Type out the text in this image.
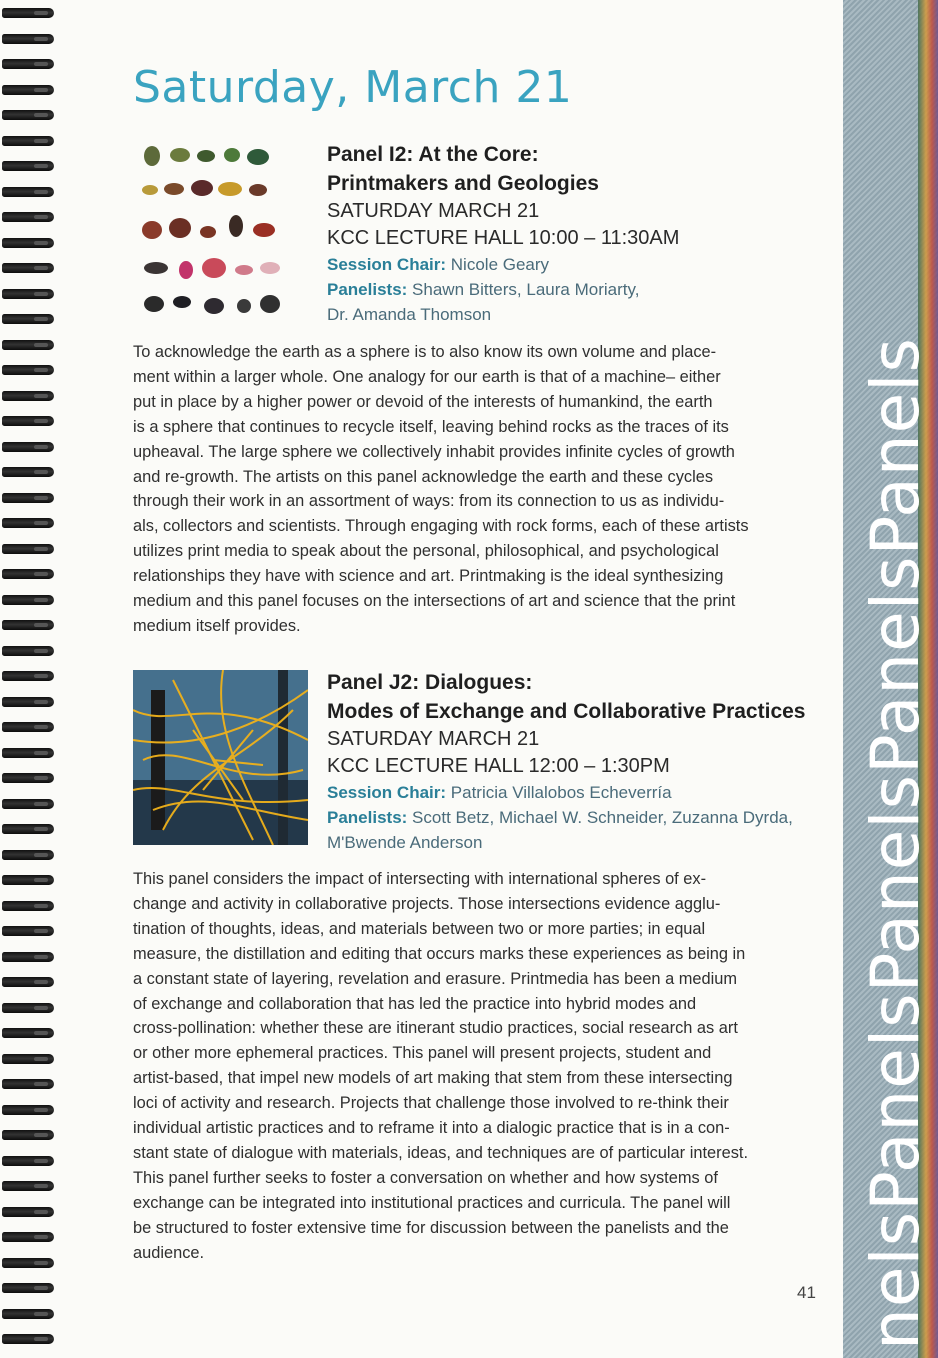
nelsPanelsPanelsPanelsPanels
Saturday, March 21
Panel I2: At the Core:
Printmakers and Geologies
SATURDAY MARCH 21
KCC LECTURE HALL 10:00 – 11:30AM
Session Chair: Nicole Geary
Panelists: Shawn Bitters, Laura Moriarty,
Dr. Amanda Thomson
To acknowledge the earth as a sphere is to also know its own volume and place-
ment within a larger whole. One analogy for our earth is that of a machine– either
put in place by a higher power or devoid of the interests of humankind, the earth
is a sphere that continues to recycle itself, leaving behind rocks as the traces of its
upheaval. The large sphere we collectively inhabit provides infinite cycles of growth
and re-growth. The artists on this panel acknowledge the earth and these cycles
through their work in an assortment of ways: from its connection to us as individu-
als, collectors and scientists. Through engaging with rock forms, each of these artists
utilizes print media to speak about the personal, philosophical, and psychological
relationships they have with science and art. Printmaking is the ideal synthesizing
medium and this panel focuses on the intersections of art and science that the print
medium itself provides.
Panel J2: Dialogues:
Modes of Exchange and Collaborative Practices
SATURDAY MARCH 21
KCC LECTURE HALL 12:00 – 1:30PM
Session Chair: Patricia Villalobos Echeverría
Panelists: Scott Betz, Michael W. Schneider, Zuzanna Dyrda,
M'Bwende Anderson
This panel considers the impact of intersecting with international spheres of ex-
change and activity in collaborative projects. Those intersections evidence agglu-
tination of thoughts, ideas, and materials between two or more parties; in equal
measure, the distillation and editing that occurs marks these experiences as being in
a constant state of layering, revelation and erasure. Printmedia has been a medium
of exchange and collaboration that has led the practice into hybrid modes and
cross-pollination: whether these are itinerant studio practices, social research as art
or other more ephemeral practices. This panel will present projects, student and
artist-based, that impel new models of art making that stem from these intersecting
loci of activity and research. Projects that challenge those involved to re-think their
individual artistic practices and to reframe it into a dialogic practice that is in a con-
stant state of dialogue with materials, ideas, and techniques are of particular interest.
This panel further seeks to foster a conversation on whether and how systems of
exchange can be integrated into institutional practices and curricula. The panel will
be structured to foster extensive time for discussion between the panelists and the
audience.
41
